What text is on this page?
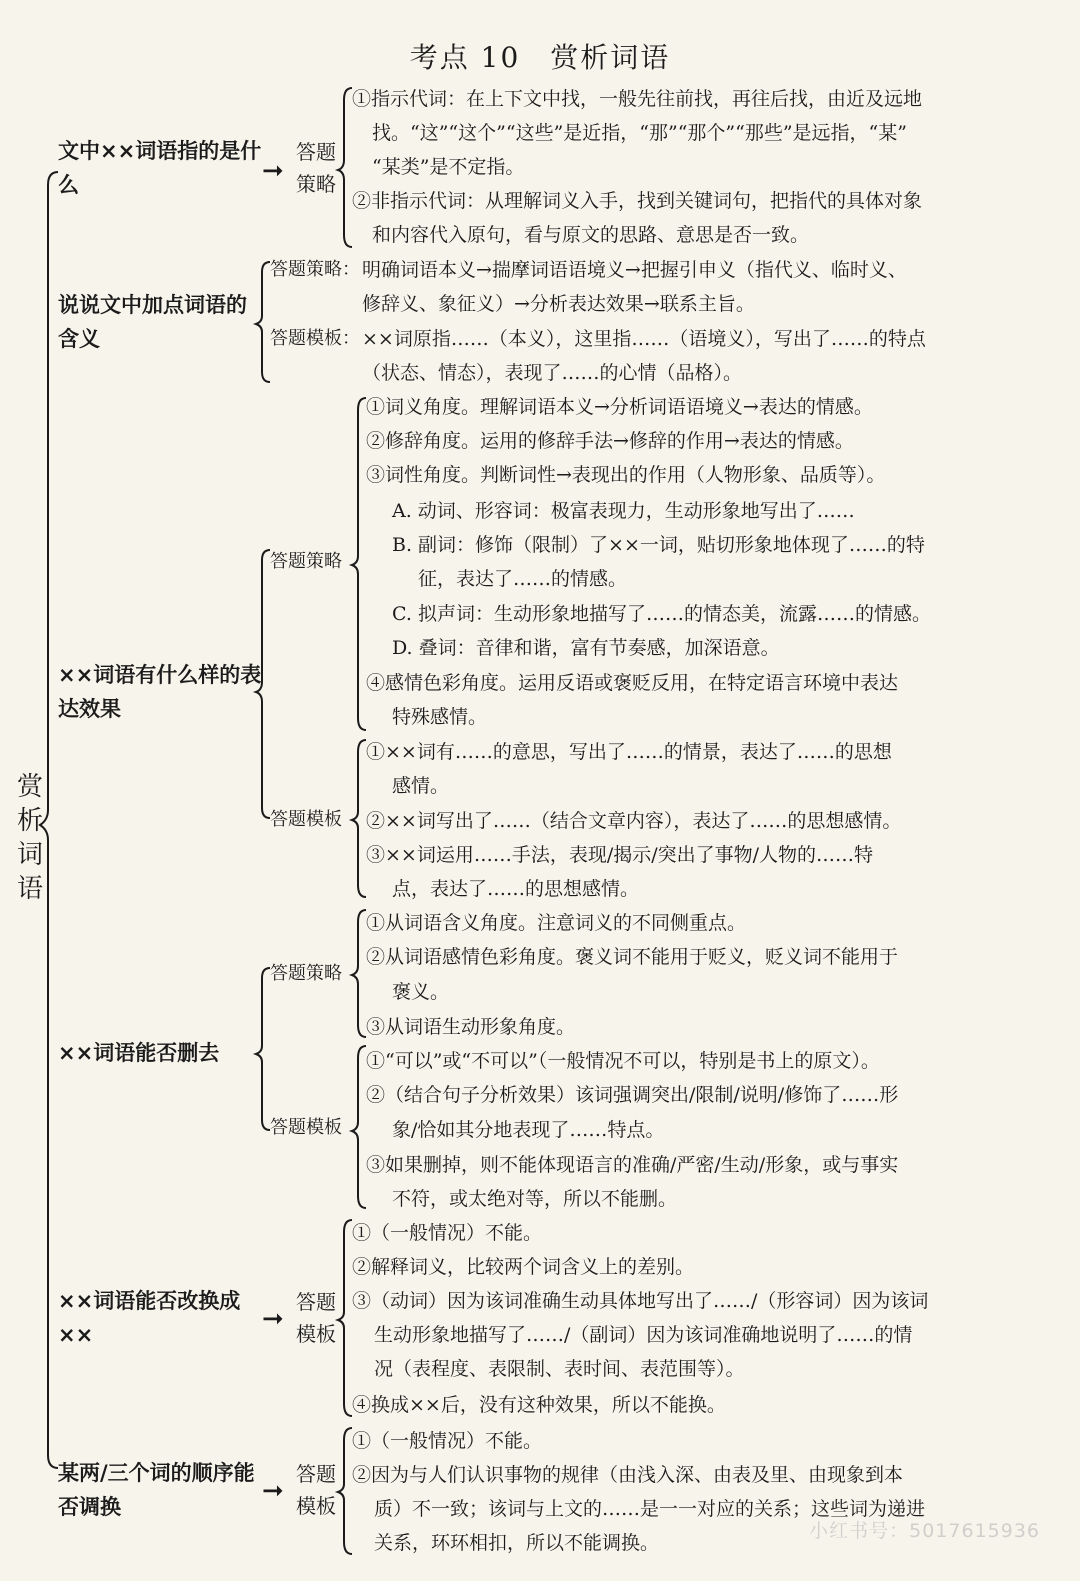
考点 10　赏析词语
赏析词语
文中××词语指的是什么	➞
答题
策略
①指示代词：在上下文中找，一般先往前找，再往后找，由近及远地
找。“这”“这个”“这些”是近指，“那”“那个”“那些”是远指，“某”
“某类”是不定指。
②非指示代词：从理解词义入手，找到关键词句，把指代的具体对象
和内容代入原句，看与原文的思路、意思是否一致。
说说文中加点词语的含义
答题策略： 明确词语本义→揣摩词语语境义→把握引申义（指代义、临时义、
修辞义、象征义）→分析表达效果→联系主旨。
答题模板： ××词原指……（本义），这里指……（语境义），写出了……的特点
（状态、情态），表现了……的心情（品格）。
××词语有什么样的表达效果
答题策略
①词义角度。理解词语本义→分析词语语境义→表达的情感。
②修辞角度。运用的修辞手法→修辞的作用→表达的情感。
③词性角度。判断词性→表现出的作用（人物形象、品质等）。
A. 动词、形容词：极富表现力，生动形象地写出了……
B. 副词：修饰（限制）了××一词，贴切形象地体现了……的特
征，表达了……的情感。
C. 拟声词：生动形象地描写了……的情态美，流露……的情感。
D. 叠词：音律和谐，富有节奏感，加深语意。
④感情色彩角度。运用反语或褒贬反用，在特定语言环境中表达
特殊感情。
答题模板
①××词有……的意思，写出了……的情景，表达了……的思想
感情。
②××词写出了……（结合文章内容），表达了……的思想感情。
③××词运用……手法，表现/揭示/突出了事物/人物的……特
点，表达了……的思想感情。
××词语能否删去
答题策略
①从词语含义角度。注意词义的不同侧重点。
②从词语感情色彩角度。褒义词不能用于贬义，贬义词不能用于
褒义。
③从词语生动形象角度。
答题模板
①“可以”或“不可以”（一般情况不可以，特别是书上的原文）。
②（结合句子分析效果）该词强调突出/限制/说明/修饰了……形
象/恰如其分地表现了……特点。
③如果删掉，则不能体现语言的准确/严密/生动/形象，或与事实
不符，或太绝对等，所以不能删。
××词语能否改换成××
➞
答题
模板
①（一般情况）不能。
②解释词义，比较两个词含义上的差别。
③（动词）因为该词准确生动具体地写出了……/（形容词）因为该词
生动形象地描写了……/（副词）因为该词准确地说明了……的情
况（表程度、表限制、表时间、表范围等）。
④换成××后，没有这种效果，所以不能换。
某两/三个词的顺序能否调换
➞
答题
模板
①（一般情况）不能。
②因为与人们认识事物的规律（由浅入深、由表及里、由现象到本
质）不一致；该词与上文的……是一一对应的关系；这些词为递进
关系，环环相扣，所以不能调换。
小红书号：5017615936
